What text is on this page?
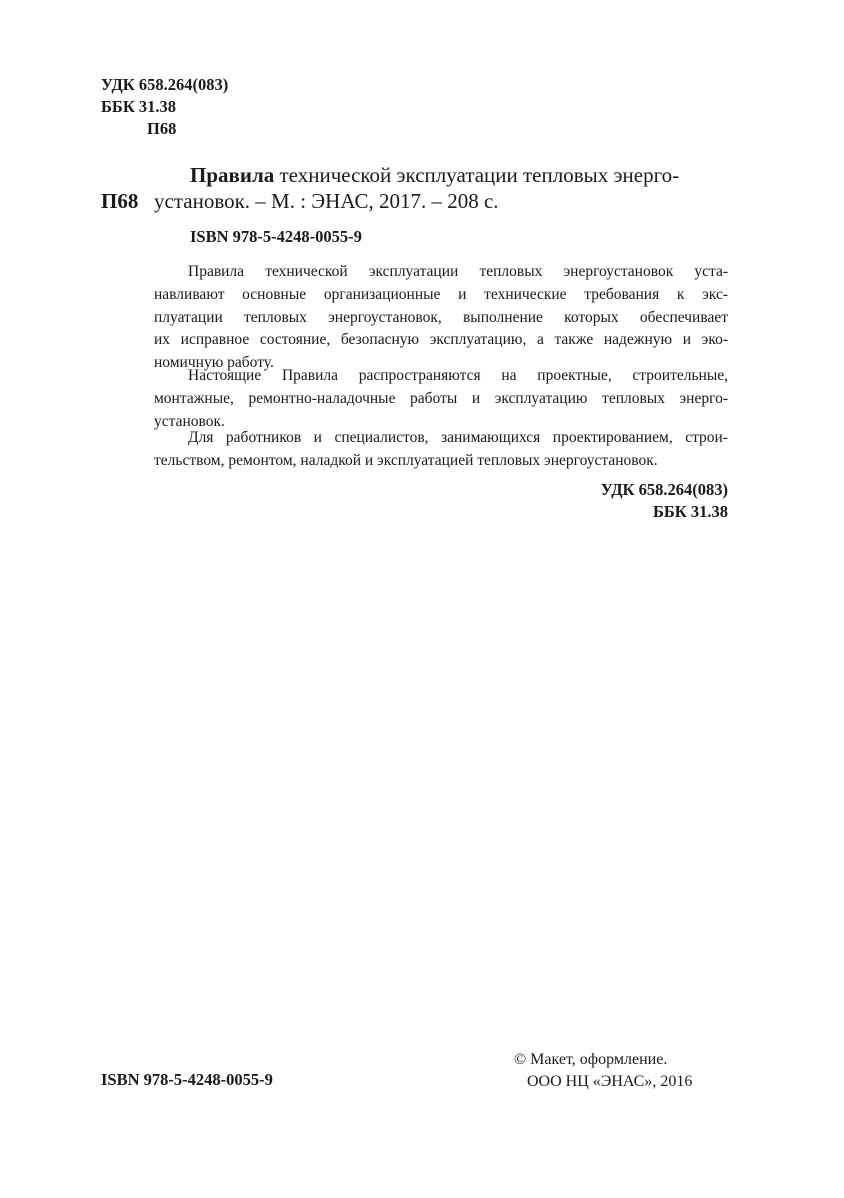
УДК 658.264(083)
ББК 31.38
П68
Правила технической эксплуатации тепловых энерго-
П68 установок. – М. : ЭНАС, 2017. – 208 с.
ISBN 978-5-4248-0055-9
Правила технической эксплуатации тепловых энергоустановок уста-
навливают основные организационные и технические требования к экс-
плуатации тепловых энергоустановок, выполнение которых обеспечивает
их исправное состояние, безопасную эксплуатацию, а также надежную и эко-
номичную работу.
Настоящие Правила распространяются на проектные, строительные,
монтажные, ремонтно-наладочные работы и эксплуатацию тепловых энерго-
установок.
Для работников и специалистов, занимающихся проектированием, строи-
тельством, ремонтом, наладкой и эксплуатацией тепловых энергоустановок.
УДК 658.264(083)
ББК 31.38
ISBN 978-5-4248-0055-9
© Макет, оформление.
ООО НЦ «ЭНАС», 2016
